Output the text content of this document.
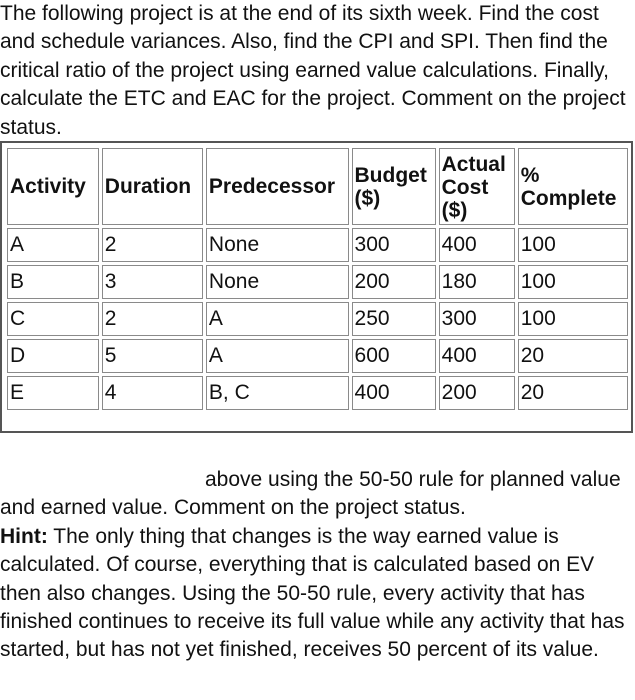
The following project is at the end of its sixth week. Find the cost and schedule variances. Also, find the CPI and SPI. Then find the critical ratio of the project using earned value calculations. Finally, calculate the ETC and EAC for the project. Comment on the project status.

Activity	Duration	Predecessor	Budget ($)	Actual Cost ($)	% Complete
A	2	None	300	400	100
B	3	None	200	180	100
C	2	A	250	300	100
D	5	A	600	400	20
E	4	B, C	400	200	20

above using the 50-50 rule for planned value and earned value. Comment on the project status.
Hint: The only thing that changes is the way earned value is calculated. Of course, everything that is calculated based on EV then also changes. Using the 50-50 rule, every activity that has finished continues to receive its full value while any activity that has started, but has not yet finished, receives 50 percent of its value.
